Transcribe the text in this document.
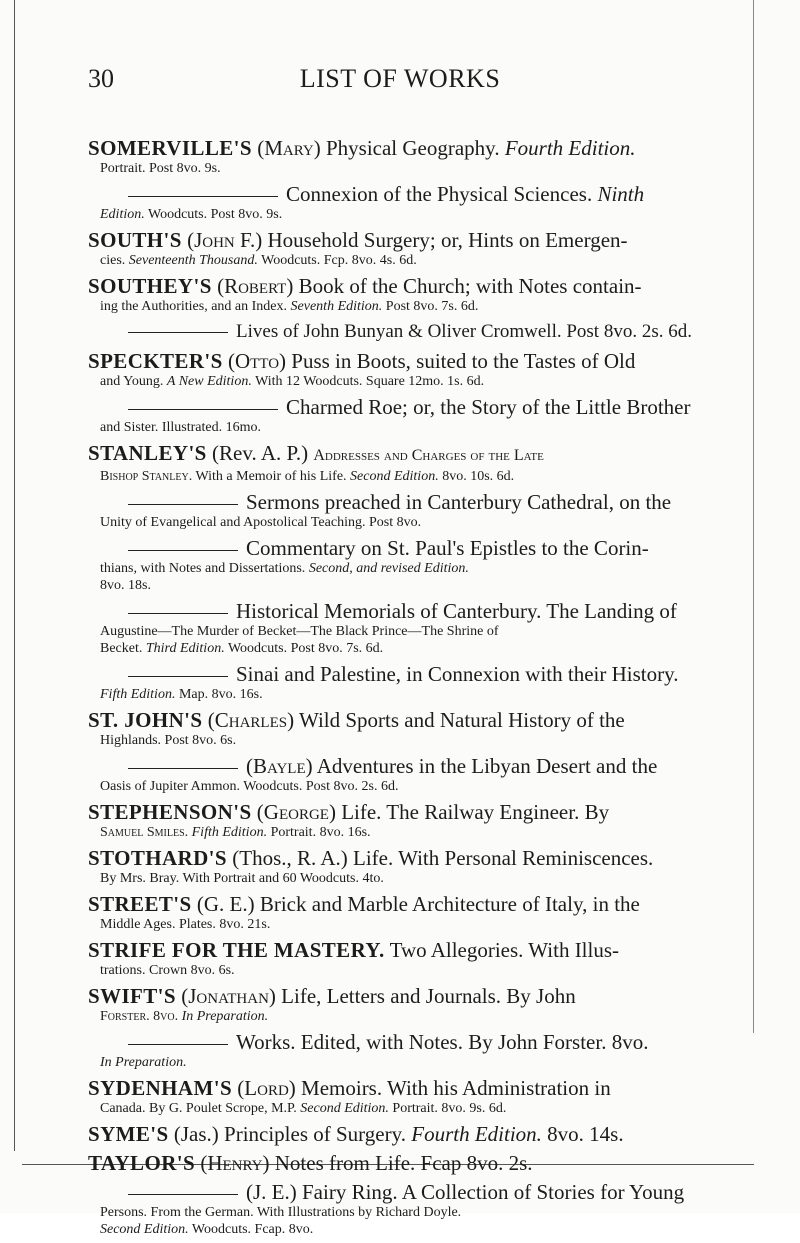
30	LIST OF WORKS

SOMERVILLE'S (Mary) Physical Geography. Fourth Edition.

Portrait. Post 8vo. 9s.

Connexion of the Physical Sciences. Ninth

Edition. Woodcuts. Post 8vo. 9s.

SOUTH'S (John F.) Household Surgery; or, Hints on Emergen-

cies. Seventeenth Thousand. Woodcuts. Fcp. 8vo. 4s. 6d.

SOUTHEY'S (Robert) Book of the Church; with Notes contain-

ing the Authorities, and an Index. Seventh Edition. Post 8vo. 7s. 6d.

Lives of John Bunyan & Oliver Cromwell. Post 8vo. 2s. 6d.

SPECKTER'S (Otto) Puss in Boots, suited to the Tastes of Old

and Young. A New Edition. With 12 Woodcuts. Square 12mo. 1s. 6d.

Charmed Roe; or, the Story of the Little Brother

and Sister. Illustrated. 16mo.

STANLEY'S (Rev. A. P.) Addresses and Charges of the Late

Bishop Stanley. With a Memoir of his Life. Second Edition. 8vo. 10s. 6d.

Sermons preached in Canterbury Cathedral, on the

Unity of Evangelical and Apostolical Teaching. Post 8vo.

Commentary on St. Paul's Epistles to the Corin-

thians, with Notes and Dissertations. Second, and revised Edition.

8vo. 18s.

Historical Memorials of Canterbury. The Landing of

Augustine—The Murder of Becket—The Black Prince—The Shrine of

Becket. Third Edition. Woodcuts. Post 8vo. 7s. 6d.

Sinai and Palestine, in Connexion with their History.

Fifth Edition. Map. 8vo. 16s.

ST. JOHN'S (Charles) Wild Sports and Natural History of the

Highlands. Post 8vo. 6s.

(Bayle) Adventures in the Libyan Desert and the

Oasis of Jupiter Ammon. Woodcuts. Post 8vo. 2s. 6d.

STEPHENSON'S (George) Life. The Railway Engineer. By

Samuel Smiles. Fifth Edition. Portrait. 8vo. 16s.

STOTHARD'S (Thos., R. A.) Life. With Personal Reminiscences.

By Mrs. Bray. With Portrait and 60 Woodcuts. 4to.

STREET'S (G. E.) Brick and Marble Architecture of Italy, in the

Middle Ages. Plates. 8vo. 21s.

STRIFE FOR THE MASTERY. Two Allegories. With Illus-

trations. Crown 8vo. 6s.

SWIFT'S (Jonathan) Life, Letters and Journals. By John

Forster. 8vo. In Preparation.

Works. Edited, with Notes. By John Forster. 8vo.

In Preparation.

SYDENHAM'S (Lord) Memoirs. With his Administration in

Canada. By G. Poulet Scrope, M.P. Second Edition. Portrait. 8vo. 9s. 6d.

SYME'S (Jas.) Principles of Surgery. Fourth Edition. 8vo. 14s.

TAYLOR'S (Henry) Notes from Life. Fcap 8vo. 2s.

(J. E.) Fairy Ring. A Collection of Stories for Young

Persons. From the German. With Illustrations by Richard Doyle.

Second Edition. Woodcuts. Fcap. 8vo.
